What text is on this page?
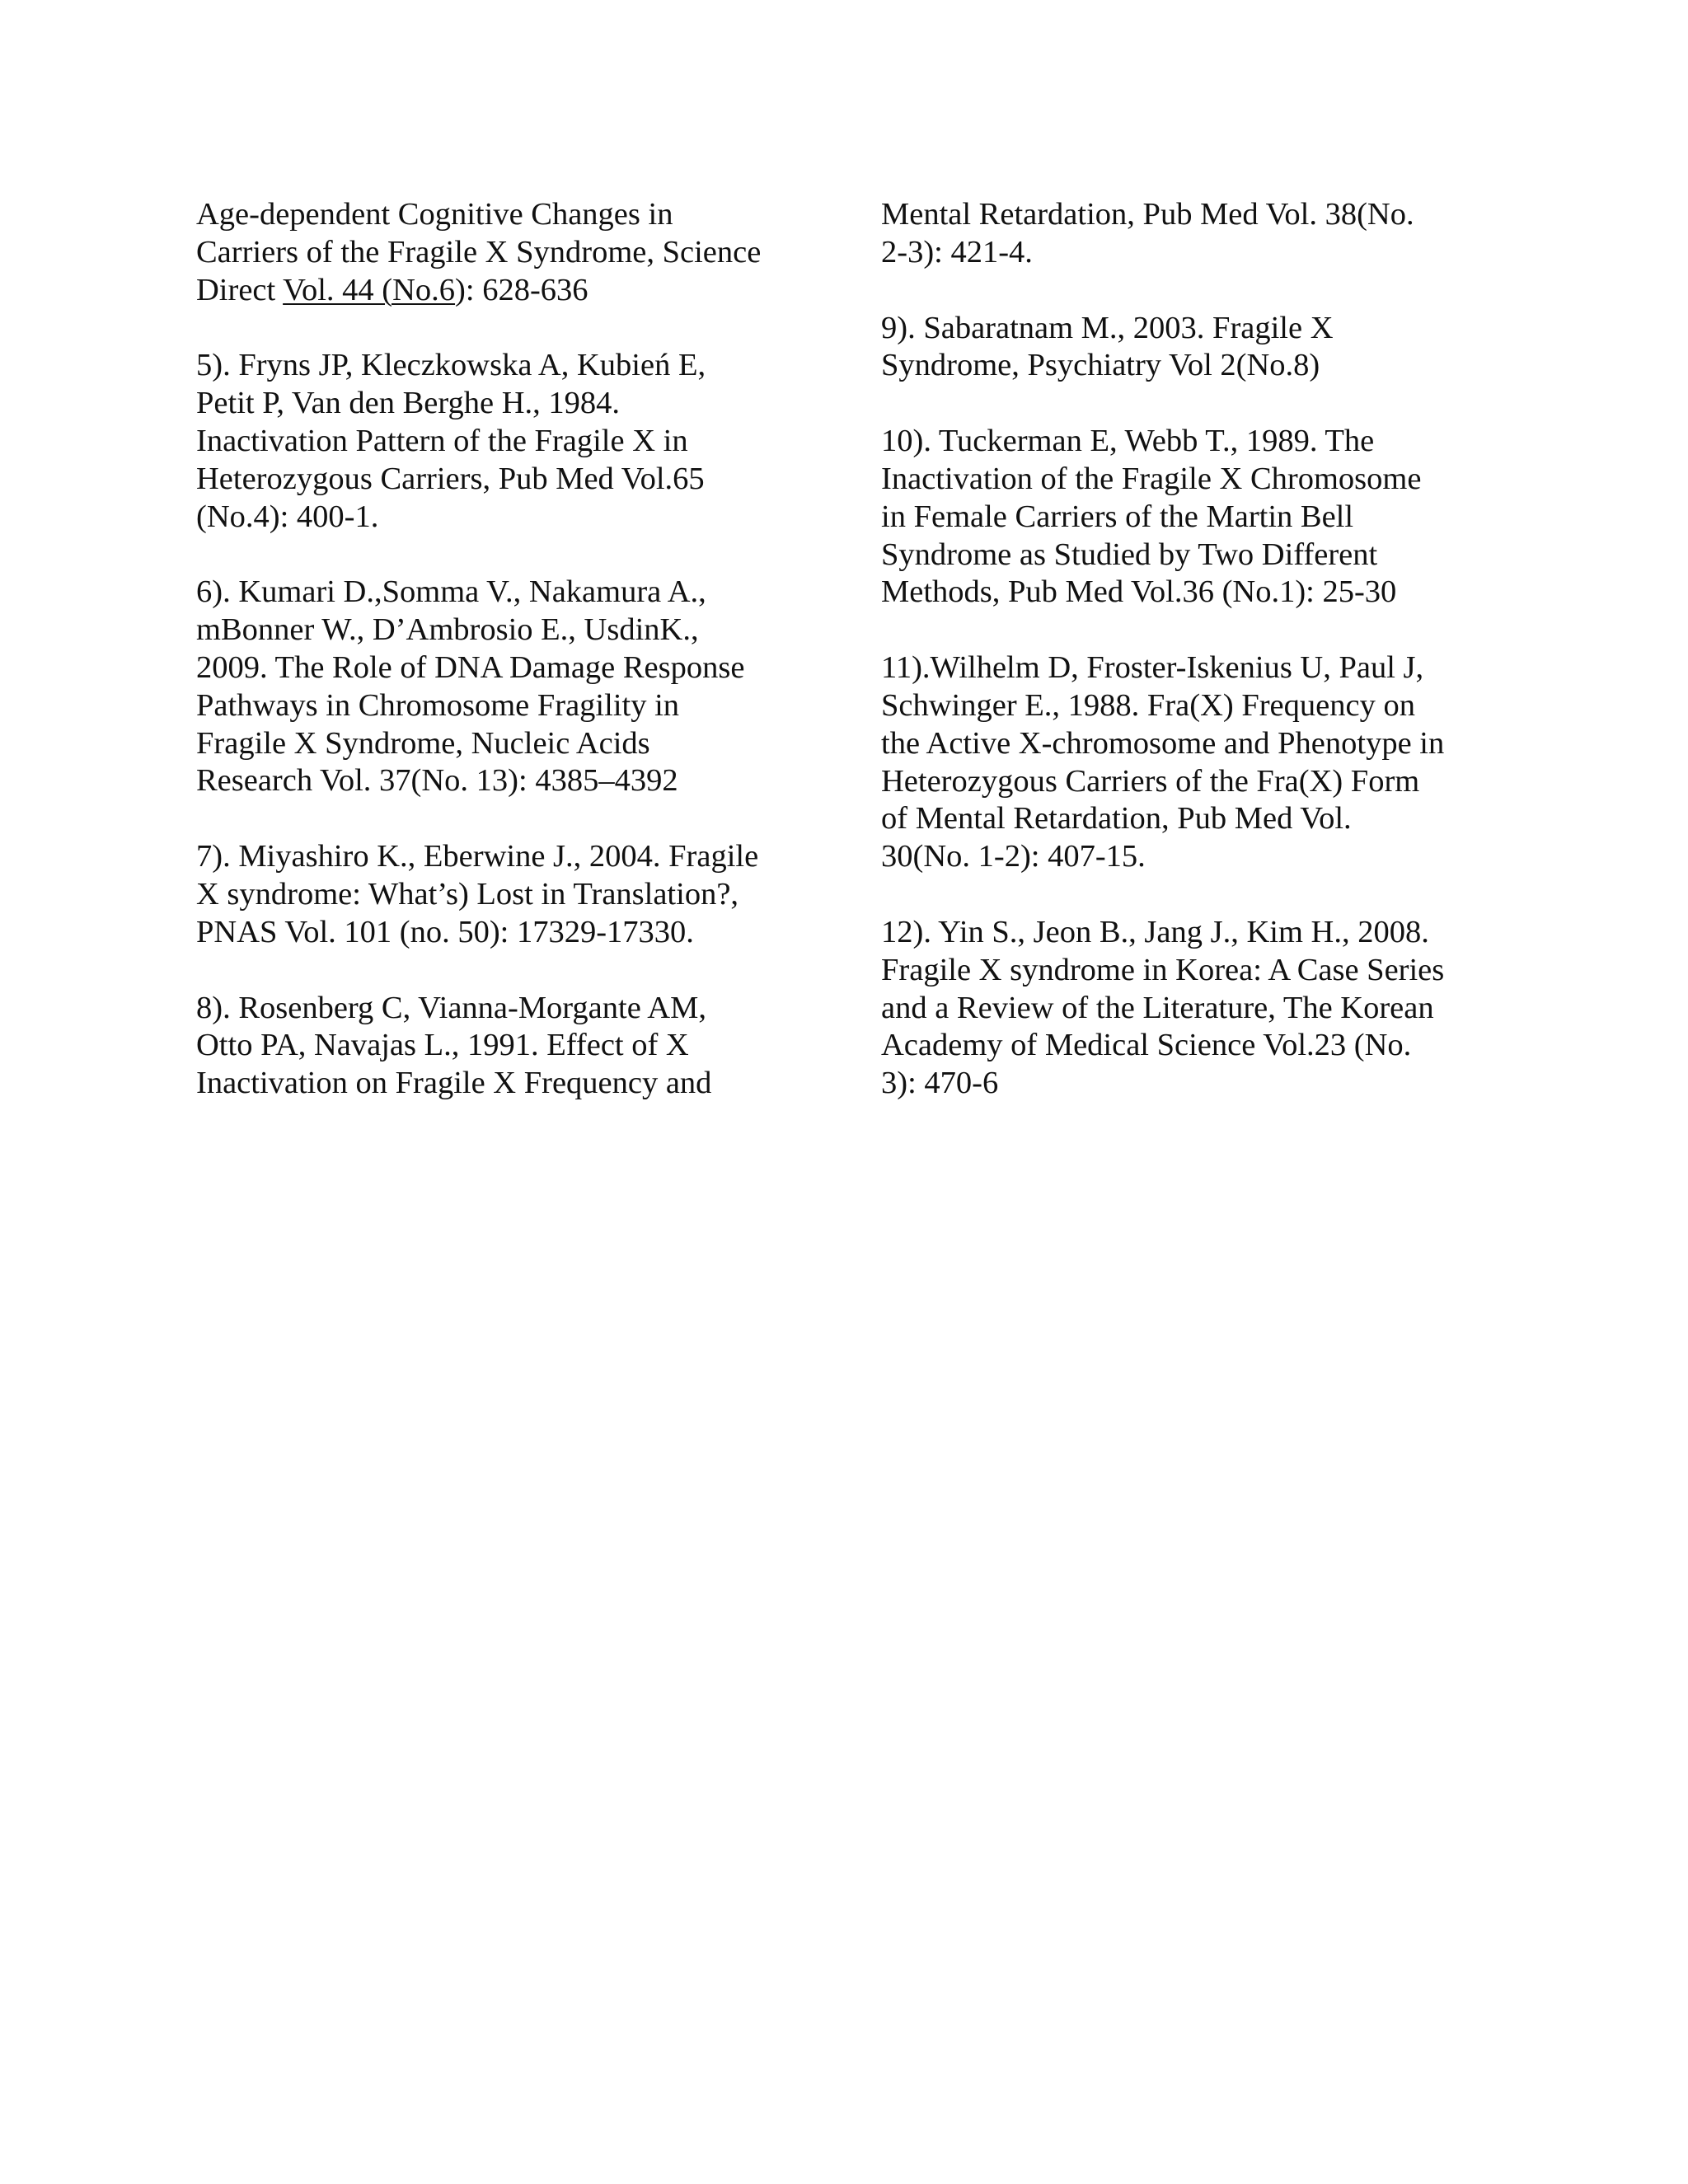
Age-dependent Cognitive Changes in
Carriers of the Fragile X Syndrome, Science
Direct Vol. 44 (No.6): 628-636

5). Fryns JP, Kleczkowska A, Kubień E,
Petit P, Van den Berghe H., 1984.
Inactivation Pattern of the Fragile X in
Heterozygous Carriers, Pub Med Vol.65
(No.4): 400-1.

6). Kumari D.,Somma V., Nakamura A.,
mBonner W., D’Ambrosio E., UsdinK.,
2009. The Role of DNA Damage Response
Pathways in Chromosome Fragility in
Fragile X Syndrome, Nucleic Acids
Research Vol. 37(No. 13): 4385–4392

7). Miyashiro K., Eberwine J., 2004. Fragile
X syndrome: What’s) Lost in Translation?,
PNAS Vol. 101 (no. 50): 17329-17330.

8). Rosenberg C, Vianna-Morgante AM,
Otto PA, Navajas L., 1991. Effect of X
Inactivation on Fragile X Frequency and

Mental Retardation, Pub Med Vol. 38(No.
2-3): 421-4.

9). Sabaratnam M., 2003. Fragile X
Syndrome, Psychiatry Vol 2(No.8)

10). Tuckerman E, Webb T., 1989. The
Inactivation of the Fragile X Chromosome
in Female Carriers of the Martin Bell
Syndrome as Studied by Two Different
Methods, Pub Med Vol.36 (No.1): 25-30

11).Wilhelm D, Froster-Iskenius U, Paul J,
Schwinger E., 1988. Fra(X) Frequency on
the Active X-chromosome and Phenotype in
Heterozygous Carriers of the Fra(X) Form
of Mental Retardation, Pub Med Vol.
30(No. 1-2): 407-15.

12). Yin S., Jeon B., Jang J., Kim H., 2008.
Fragile X syndrome in Korea: A Case Series
and a Review of the Literature, The Korean
Academy of Medical Science Vol.23 (No.
3): 470-6
